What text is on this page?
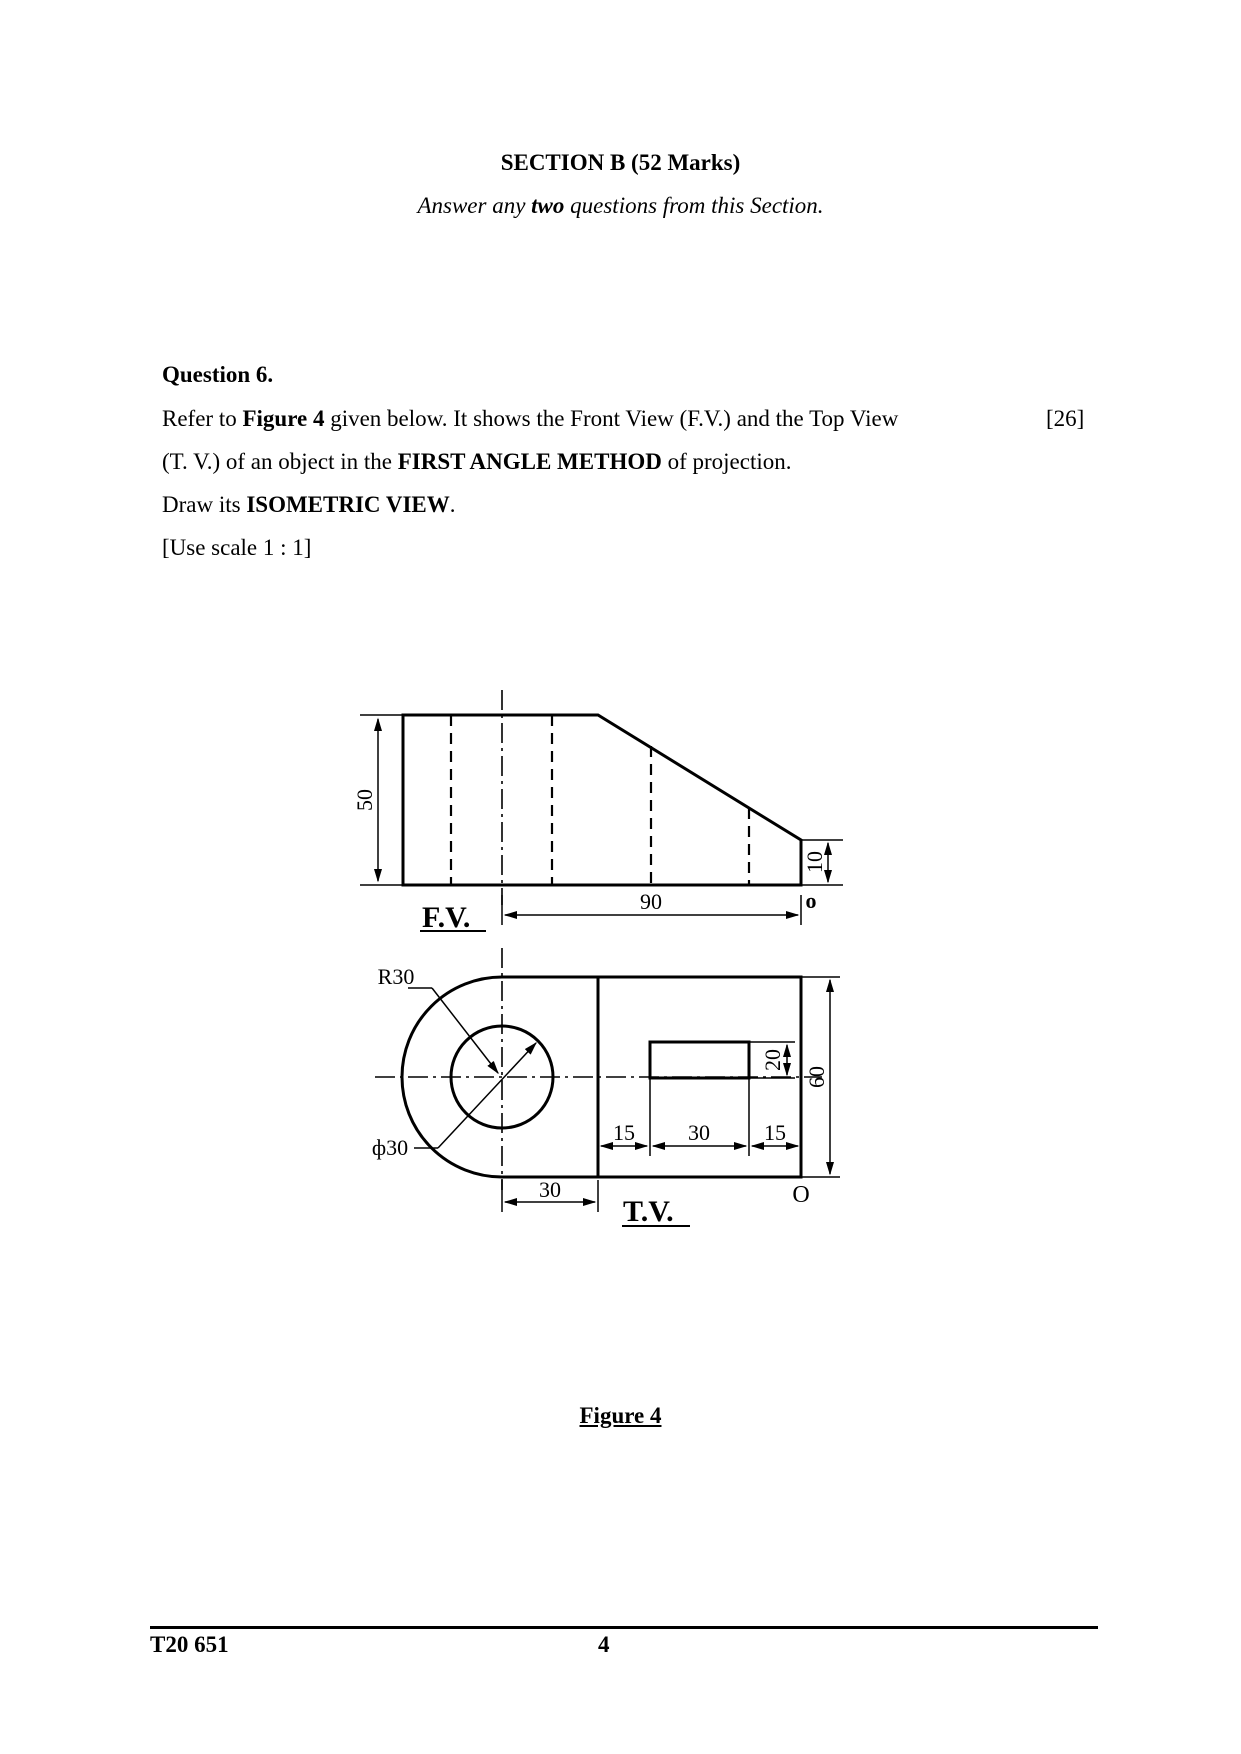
SECTION B (52 Marks)
Answer any two questions from this Section.
Question 6.
Refer to Figure 4 given below. It shows the Front View (F.V.) and the Top View	[26]
(T. V.) of an object in the FIRST ANGLE METHOD of projection.
Draw its ISOMETRIC VIEW.
[Use scale 1 : 1]
50
10
90
F.V.
o
R30
ф30
20
60
15 30 15
30
T.V.	O
Figure 4
T20 651	4
